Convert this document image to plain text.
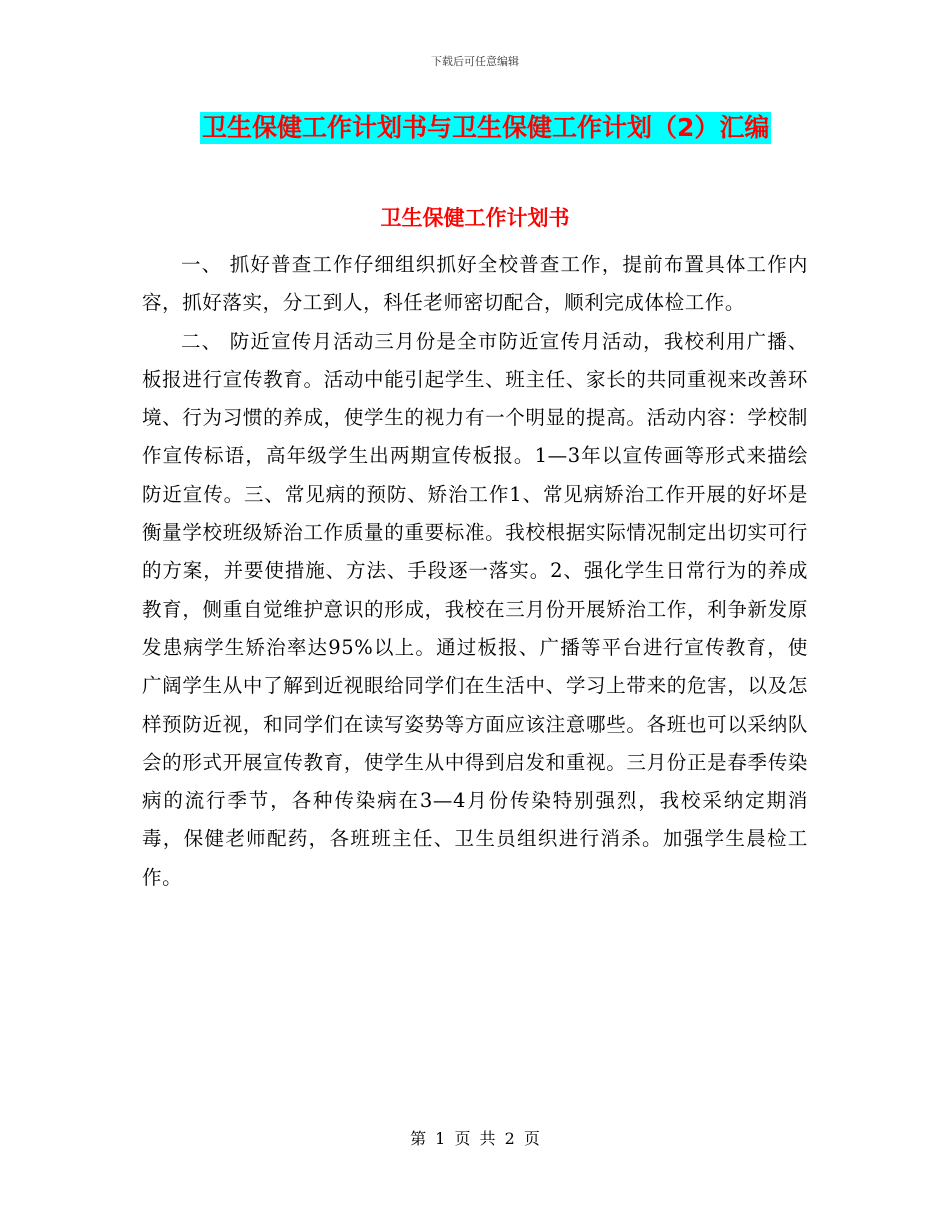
下载后可任意编辑
卫生保健工作计划书与卫生保健工作计划（2）汇编
卫生保健工作计划书

一、 抓好普查工作仔细组织抓好全校普查工作，提前布置具体工作内容，抓好落实，分工到人，科任老师密切配合，顺利完成体检工作。

二、 防近宣传月活动三月份是全市防近宣传月活动，我校利用广播、板报进行宣传教育。活动中能引起学生、班主任、家长的共同重视来改善环境、行为习惯的养成，使学生的视力有一个明显的提高。活动内容：学校制作宣传标语，高年级学生出两期宣传板报。1—3年以宣传画等形式来描绘防近宣传。三、常见病的预防、矫治工作1、常见病矫治工作开展的好坏是衡量学校班级矫治工作质量的重要标准。我校根据实际情况制定出切实可行的方案，并要使措施、方法、手段逐一落实。2、强化学生日常行为的养成教育，侧重自觉维护意识的形成，我校在三月份开展矫治工作，利争新发原发患病学生矫治率达95%以上。通过板报、广播等平台进行宣传教育，使广阔学生从中了解到近视眼给同学们在生活中、学习上带来的危害，以及怎样预防近视，和同学们在读写姿势等方面应该注意哪些。各班也可以采纳队会的形式开展宣传教育，使学生从中得到启发和重视。三月份正是春季传染病的流行季节，各种传染病在3—4月份传染特别强烈，我校采纳定期消毒，保健老师配药，各班班主任、卫生员组织进行消杀。加强学生晨检工作。

第 1 页 共 2 页
